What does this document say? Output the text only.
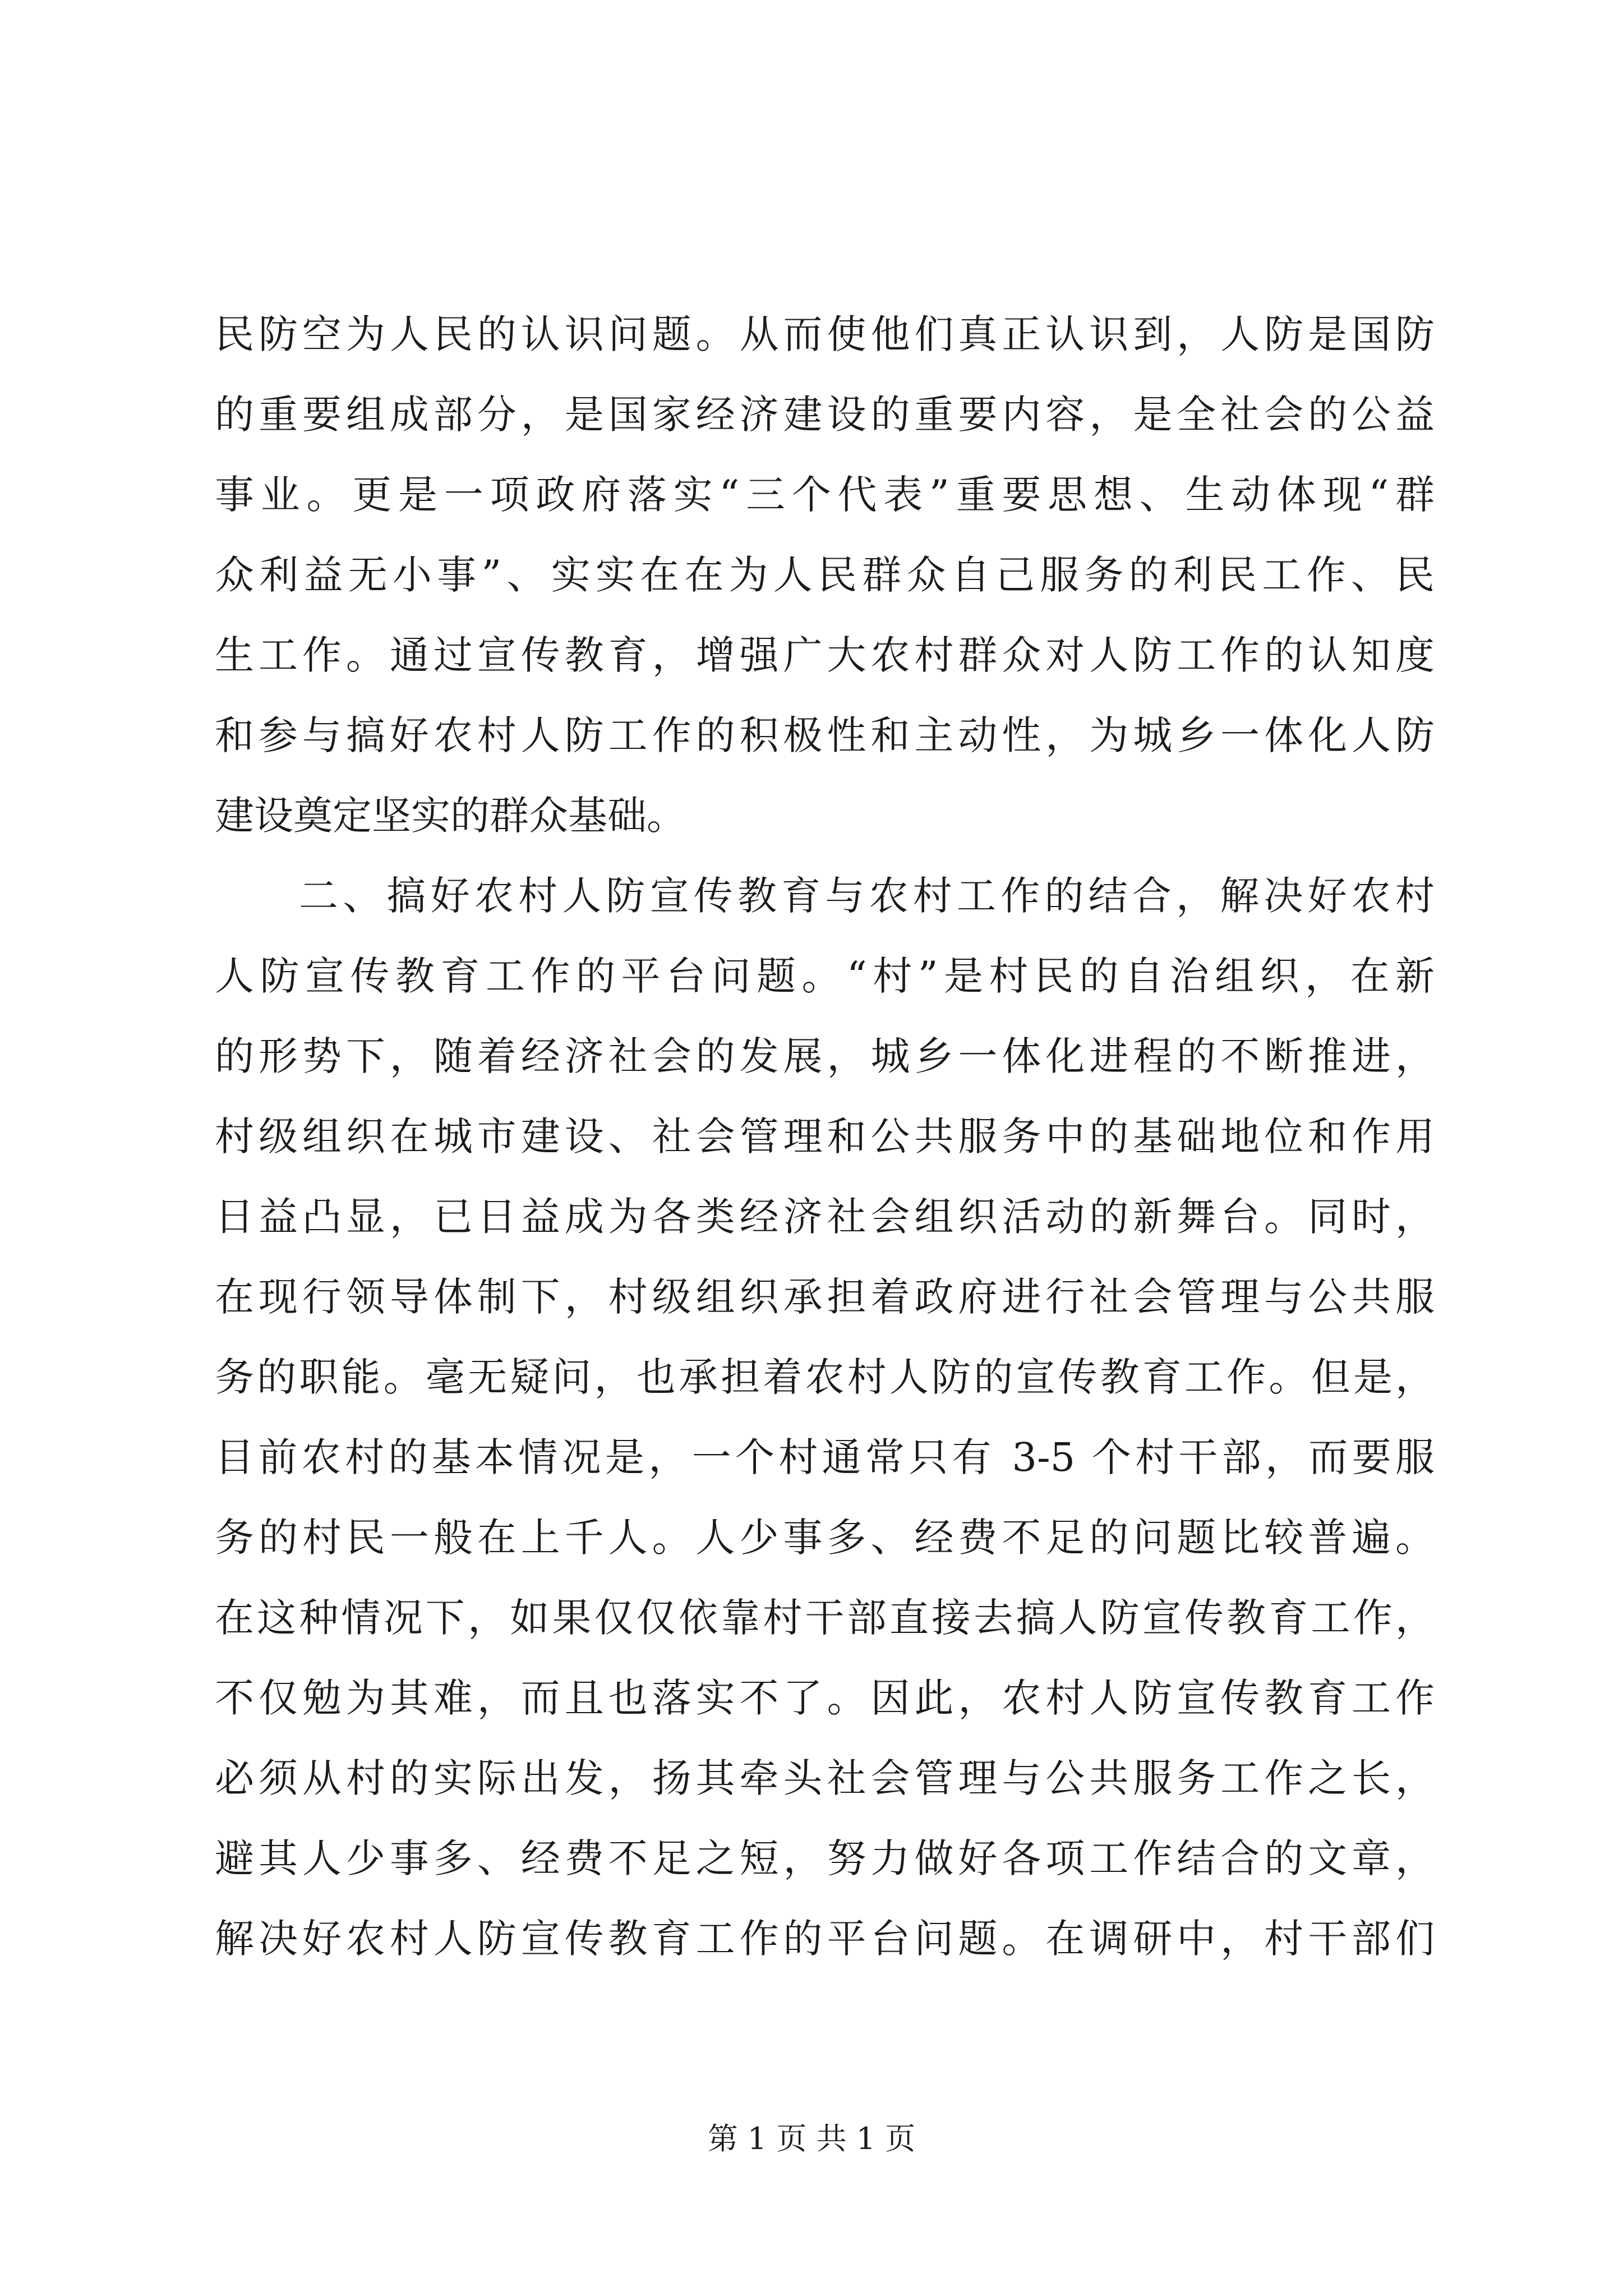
民防空为人民的认识问题。从而使他们真正认识到，人防是国防
的重要组成部分，是国家经济建设的重要内容，是全社会的公益
事业。更是一项政府落实“三个代表”重要思想、生动体现“群
众利益无小事”、实实在在为人民群众自己服务的利民工作、民
生工作。通过宣传教育，增强广大农村群众对人防工作的认知度
和参与搞好农村人防工作的积极性和主动性，为城乡一体化人防
建设奠定坚实的群众基础。
二、搞好农村人防宣传教育与农村工作的结合，解决好农村
人防宣传教育工作的平台问题。“村”是村民的自治组织，在新
的形势下，随着经济社会的发展，城乡一体化进程的不断推进，
村级组织在城市建设、社会管理和公共服务中的基础地位和作用
日益凸显，已日益成为各类经济社会组织活动的新舞台。同时，
在现行领导体制下，村级组织承担着政府进行社会管理与公共服
务的职能。毫无疑问，也承担着农村人防的宣传教育工作。但是，
目前农村的基本情况是，一个村通常只有 3-5 个村干部，而要服
务的村民一般在上千人。人少事多、经费不足的问题比较普遍。
在这种情况下，如果仅仅依靠村干部直接去搞人防宣传教育工作，
不仅勉为其难，而且也落实不了。因此，农村人防宣传教育工作
必须从村的实际出发，扬其牵头社会管理与公共服务工作之长，
避其人少事多、经费不足之短，努力做好各项工作结合的文章，
解决好农村人防宣传教育工作的平台问题。在调研中，村干部们
第 1 页 共 1 页
